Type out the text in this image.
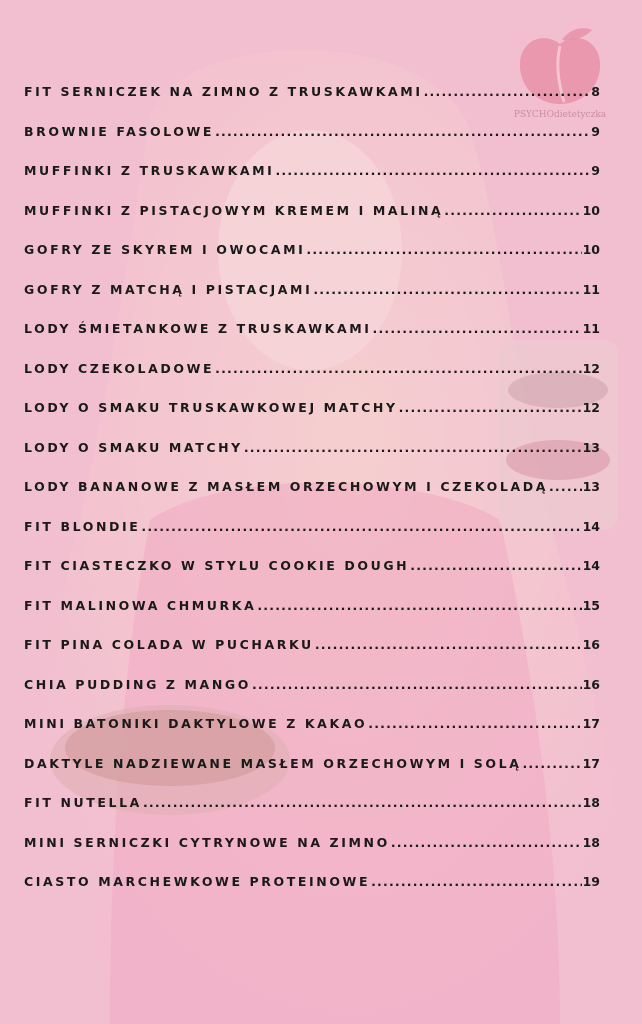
PSYCHOdietetyczka
FIT SERNICZEK NA ZIMNO Z TRUSKAWKAMI .....	8
BROWNIE FASOLOWE .....	9
MUFFINKI Z TRUSKAWKAMI .....	9
MUFFINKI Z PISTACJOWYM KREMEM I MALINĄ .....	10
GOFRY ZE SKYREM I OWOCAMI .....	10
GOFRY Z MATCHĄ I PISTACJAMI .....	11
LODY ŚMIETANKOWE Z TRUSKAWKAMI .....	11
LODY CZEKOLADOWE .....	12
LODY O SMAKU TRUSKAWKOWEJ MATCHY .....	12
LODY O SMAKU MATCHY .....	13
LODY BANANOWE Z MASŁEM ORZECHOWYM I CZEKOLADĄ .....	13
FIT BLONDIE .....	14
FIT CIASTECZKO W STYLU COOKIE DOUGH .....	14
FIT MALINOWA CHMURKA .....	15
FIT PINA COLADA W PUCHARKU .....	16
CHIA PUDDING Z MANGO .....	16
MINI BATONIKI DAKTYLOWE Z KAKAO .....	17
DAKTYLE NADZIEWANE MASŁEM ORZECHOWYM I SOLĄ .....	17
FIT NUTELLA .....	18
MINI SERNICZKI CYTRYNOWE NA ZIMNO .....	18
CIASTO MARCHEWKOWE PROTEINOWE .....	19
